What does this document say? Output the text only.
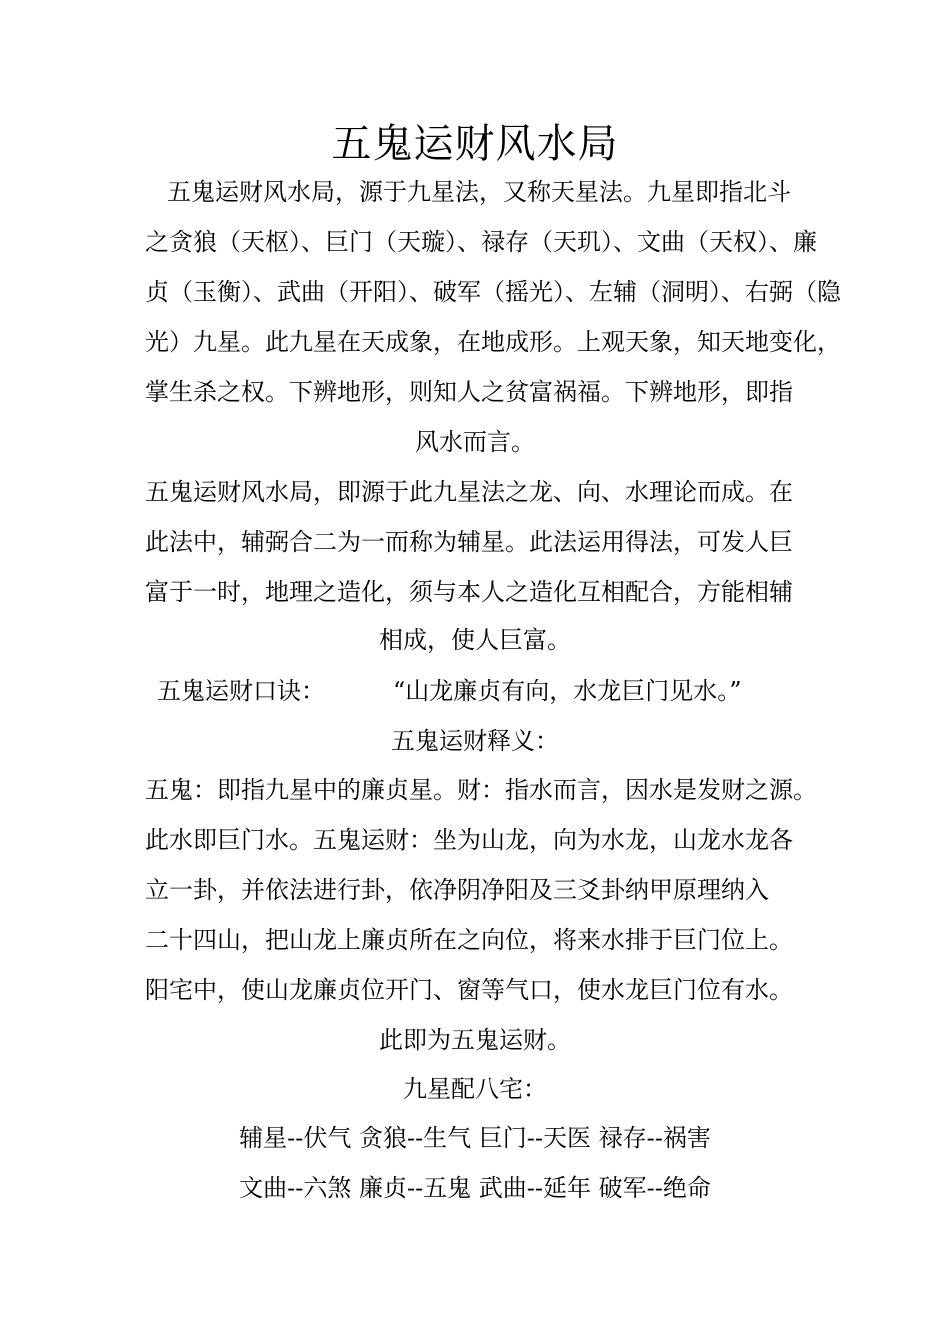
五鬼运财风水局

五鬼运财风水局，源于九星法，又称天星法。九星即指北斗

之贪狼（天枢）、巨门（天璇）、禄存（天玑）、文曲（天权）、廉

贞（玉衡）、武曲（开阳）、破军（摇光）、左辅（洞明）、右弼（隐

光）九星。此九星在天成象，在地成形。上观天象，知天地变化，

掌生杀之权。下辨地形，则知人之贫富祸福。下辨地形，即指

风水而言。

五鬼运财风水局，即源于此九星法之龙、向、水理论而成。在

此法中，辅弼合二为一而称为辅星。此法运用得法，可发人巨

富于一时，地理之造化，须与本人之造化互相配合，方能相辅

相成，使人巨富。

五鬼运财口诀：	“山龙廉贞有向，水龙巨门见水。”

五鬼运财释义：

五鬼：即指九星中的廉贞星。财：指水而言，因水是发财之源。

此水即巨门水。五鬼运财：坐为山龙，向为水龙，山龙水龙各

立一卦，并依法进行卦，依净阴净阳及三爻卦纳甲原理纳入

二十四山，把山龙上廉贞所在之向位，将来水排于巨门位上。

阳宅中，使山龙廉贞位开门、窗等气口，使水龙巨门位有水。

此即为五鬼运财。

九星配八宅：

辅星--伏气 贪狼--生气 巨门--天医 禄存--祸害

文曲--六煞 廉贞--五鬼 武曲--延年 破军--绝命
